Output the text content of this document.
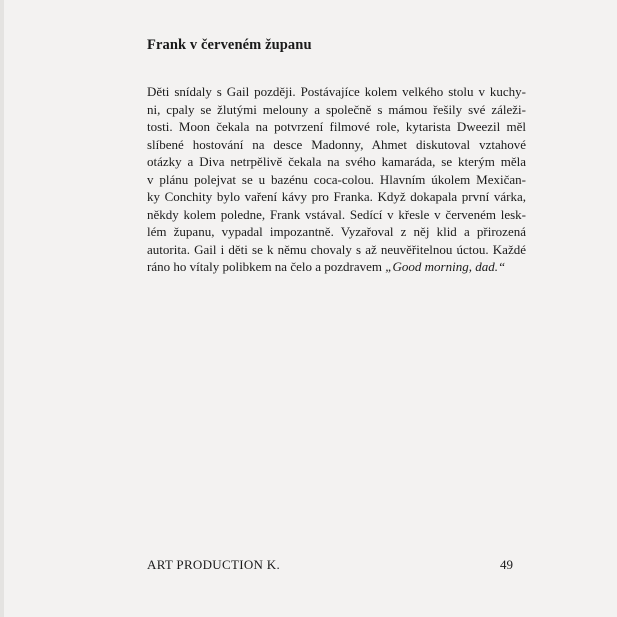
Frank v červeném županu
Děti snídaly s Gail později. Postávajíce kolem velkého stolu v kuchy-
ni, cpaly se žlutými melouny a společně s mámou řešily své záleži-
tosti. Moon čekala na potvrzení filmové role, kytarista Dweezil měl
slíbené hostování na desce Madonny, Ahmet diskutoval vztahové
otázky a Diva netrpělivě čekala na svého kamaráda, se kterým měla
v plánu polejvat se u bazénu coca-colou. Hlavním úkolem Mexičan-
ky Conchity bylo vaření kávy pro Franka. Když dokapala první várka,
někdy kolem poledne, Frank vstával. Sedící v křesle v červeném lesk-
lém županu, vypadal impozantně. Vyzařoval z něj klid a přirozená
autorita. Gail i děti se k němu chovaly s až neuvěřitelnou úctou. Každé
ráno ho vítaly polibkem na čelo a pozdravem „Good morning, dad.“
ART PRODUCTION K.	49
